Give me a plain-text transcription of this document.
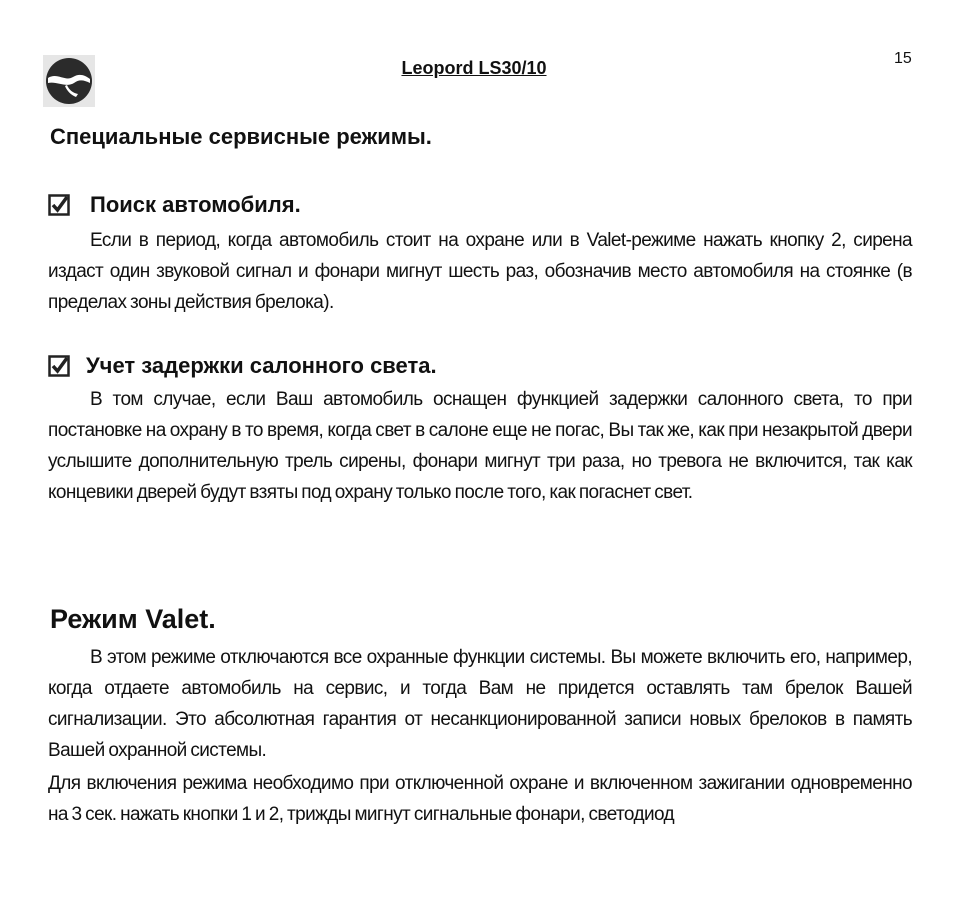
Leopord LS30/10	15
Специальные сервисные режимы.
Поиск автомобиля.

Если в период, когда автомобиль стоит на охране или в Valet-режиме нажать кнопку 2, сирена издаст один звуковой сигнал и фонари мигнут шесть раз, обозначив место автомобиля на стоянке (в пределах зоны действия брелока).

Учет задержки салонного света.

В том случае, если Ваш автомобиль оснащен функцией задержки салонного света, то при постановке на охрану в то время, когда свет в салоне еще не погас, Вы так же, как при незакрытой двери услышите дополнительную трель сирены, фонари мигнут три раза, но тревога не включится, так как концевики дверей будут взяты под охрану только после того, как погаснет свет.

Режим Valet.

В этом режиме отключаются все охранные функции системы. Вы можете включить его, например, когда отдаете автомобиль на сервис, и тогда Вам не придется оставлять там брелок Вашей сигнализации. Это абсолютная гарантия от несанкционированной записи новых брелоков в память Вашей охранной системы.

Для включения режима необходимо при отключенной охране и включенном зажигании одновременно на 3 сек. нажать кнопки 1 и 2, трижды мигнут сигнальные фонари, светодиод
